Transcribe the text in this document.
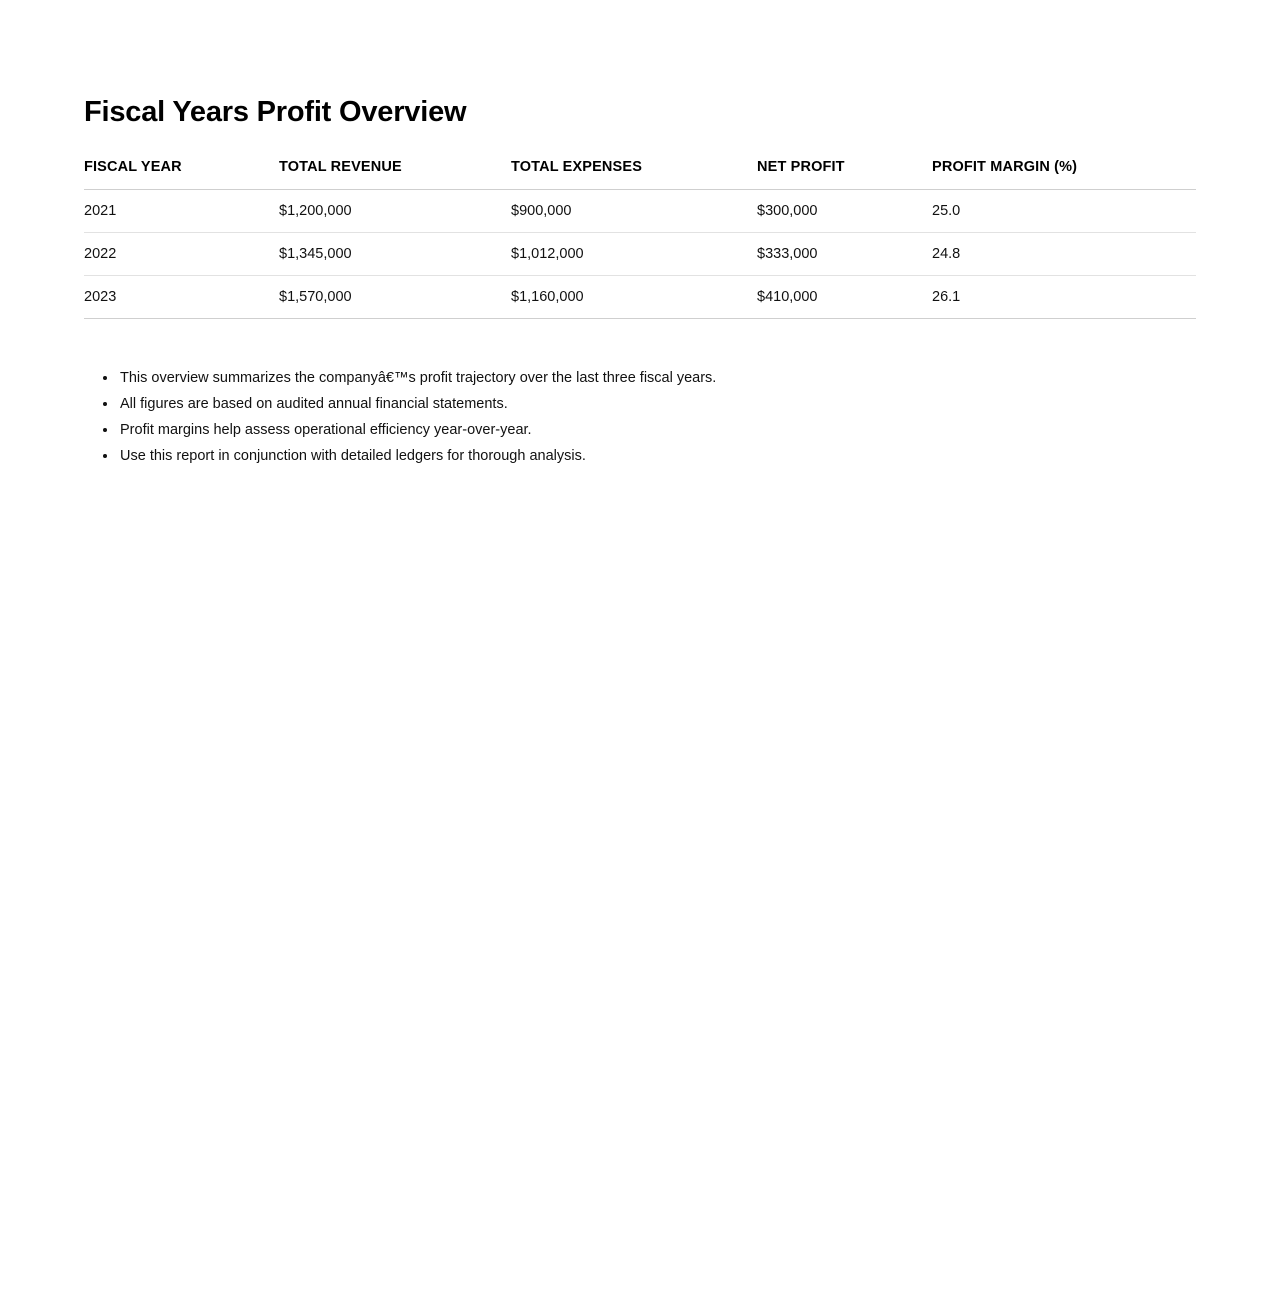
Fiscal Years Profit Overview
FISCAL YEAR	TOTAL REVENUE	TOTAL EXPENSES	NET PROFIT	PROFIT MARGIN (%)
2021	$1,200,000	$900,000	$300,000	25.0
2022	$1,345,000	$1,012,000	$333,000	24.8
2023	$1,570,000	$1,160,000	$410,000	26.1
• This overview summarizes the companyâ€™s profit trajectory over the last three fiscal years.
• All figures are based on audited annual financial statements.
• Profit margins help assess operational efficiency year-over-year.
• Use this report in conjunction with detailed ledgers for thorough analysis.
